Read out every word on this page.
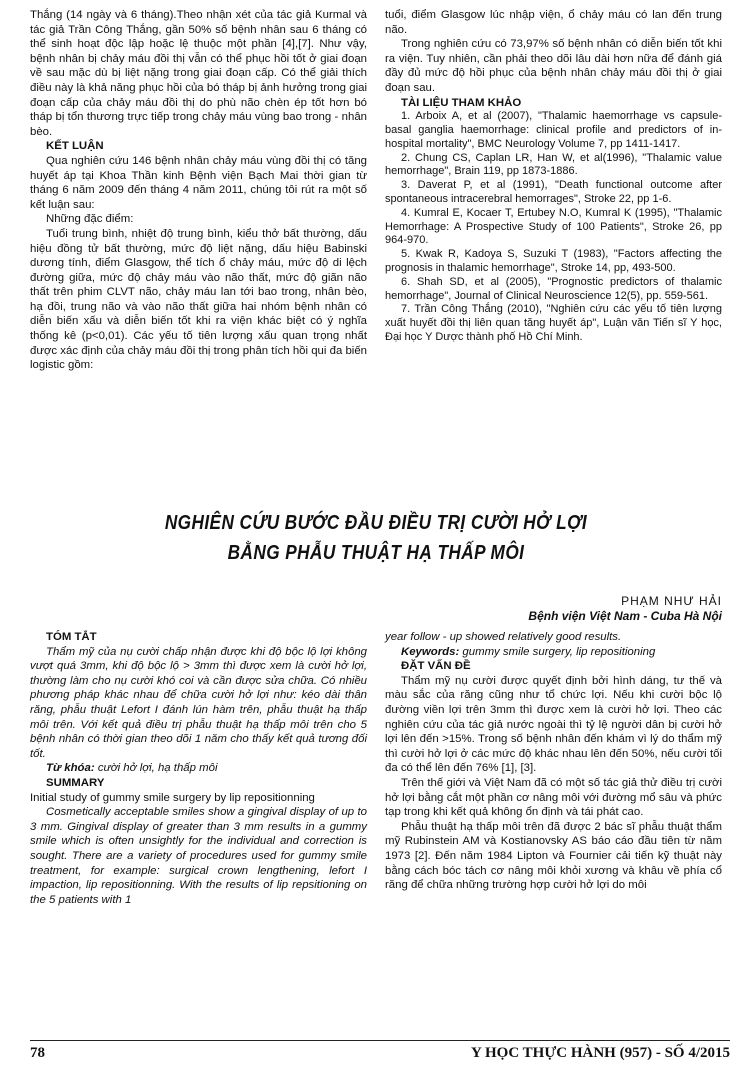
Thắng (14 ngày và 6 tháng).Theo nhận xét của tác giả Kurmal và tác giả Trần Công Thắng, gần 50% số bệnh nhân sau 6 tháng có thể sinh hoạt độc lập hoặc lệ thuộc một phần [4],[7]. Như vậy, bệnh nhân bị chảy máu đồi thị vẫn có thể phục hồi tốt ở giai đoạn về sau mặc dù bị liệt nặng trong giai đoạn cấp. Có thể giải thích điều này là khả năng phục hồi của bó tháp bị ảnh hưởng trong giai đoạn cấp của chảy máu đồi thị do phù não chèn ép tốt hơn bó tháp bị tổn thương trực tiếp trong chảy máu vùng bao trong - nhân bèo.

KẾT LUẬN

Qua nghiên cứu 146 bệnh nhân chảy máu vùng đồi thị có tăng huyết áp tại Khoa Thần kinh Bệnh viện Bạch Mai thời gian từ tháng 6 năm 2009 đến tháng 4 năm 2011, chúng tôi rút ra một số kết luận sau:

Những đặc điểm:

Tuổi trung bình, nhiệt độ trung bình, kiểu thở bất thường, dấu hiệu đồng tử bất thường, mức độ liệt nặng, dấu hiệu Babinski dương tính, điểm Glasgow, thể tích ổ chảy máu, mức độ di lệch đường giữa, mức độ chảy máu vào não thất, mức độ giãn não thất trên phim CLVT não, chảy máu lan tới bao trong, nhân bèo, hạ đồi, trung não và vào não thất giữa hai nhóm bệnh nhân có diễn biến xấu và diễn biến tốt khi ra viện khác biệt có ý nghĩa thống kê (p<0,01). Các yếu tố tiên lượng xấu quan trọng nhất được xác định của chảy máu đồi thị trong phân tích hồi qui đa biến logistic gồm:

tuổi, điểm Glasgow lúc nhập viện, ổ chảy máu có lan đến trung não.

Trong nghiên cứu có 73,97% số bệnh nhân có diễn biến tốt khi ra viện. Tuy nhiên, cần phải theo dõi lâu dài hơn nữa để đánh giá đầy đủ mức độ hồi phục của bệnh nhân chảy máu đồi thị ở giai đoạn sau.

TÀI LIỆU THAM KHẢO

1. Arboix A, et al (2007), "Thalamic haemorrhage vs capsule-basal ganglia haemorrhage: clinical profile and predictors of in-hospital mortality", BMC Neurology Volume 7, pp 1411-1417.

2. Chung CS, Caplan LR, Han W, et al(1996), "Thalamic value hemorrhage", Brain 119, pp 1873-1886.

3. Daverat P, et al (1991), "Death functional outcome after spontaneous intracerebral hemorrages", Stroke 22, pp 1-6.

4. Kumral E, Kocaer T, Ertubey N.O, Kumral K (1995), "Thalamic Hemorrhage: A Prospective Study of 100 Patients", Stroke 26, pp 964-970.

5. Kwak R, Kadoya S, Suzuki T (1983), "Factors affecting the prognosis in thalamic hemorrhage", Stroke 14, pp, 493-500.

6. Shah SD, et al (2005), "Prognostic predictors of thalamic hemorrhage", Journal of Clinical Neuroscience 12(5), pp. 559-561.

7. Trần Công Thắng (2010), "Nghiên cứu các yếu tố tiên lượng xuất huyết đồi thị liên quan tăng huyết áp", Luận văn Tiến sĩ Y học, Đại học Y Dược thành phố Hồ Chí Minh.

NGHIÊN CỨU BƯỚC ĐẦU ĐIỀU TRỊ CƯỜI HỞ LỢI
BẰNG PHẪU THUẬT HẠ THẤP MÔI
PHẠM NHƯ HẢI
Bệnh viện Việt Nam - Cuba Hà Nội

TÓM TẮT

Thẩm mỹ của nụ cười chấp nhận được khi độ bộc lộ lợi không vượt quá 3mm, khi độ bộc lộ > 3mm thì được xem là cười hở lợi, thường làm cho nụ cười khó coi và cần được sửa chữa. Có nhiều phương pháp khác nhau để chữa cười hở lợi như: kéo dài thân răng, phẫu thuật Lefort I đánh lún hàm trên, phẫu thuật hạ thấp môi trên. Với kết quả điều trị phẫu thuật hạ thấp môi trên cho 5 bệnh nhân có thời gian theo dõi 1 năm cho thấy kết quả tương đối tốt.

Từ khóa: cười hở lợi, hạ thấp môi

SUMMARY

Initial study of gummy smile surgery by lip repositionning

Cosmetically acceptable smiles show a gingival display of up to 3 mm. Gingival display of greater than 3 mm results in a gummy smile which is often unsightly for the individual and correction is sought. There are a variety of procedures used for gummy smile treatment, for example: surgical crown lengthening, lefort I impaction, lip repositionning. With the results of lip repsitioning on the 5 patients with 1

year follow - up showed relatively good results.

Keywords: gummy smile surgery, lip repositioning

ĐẶT VẤN ĐỀ

Thẩm mỹ nụ cười được quyết định bởi hình dáng, tư thế và màu sắc của răng cũng như tổ chức lợi. Nếu khi cười bộc lộ đường viền lợi trên 3mm thì được xem là cười hở lợi. Theo các nghiên cứu của tác giả nước ngoài thì tỷ lệ người dân bị cười hở lợi lên đến >15%. Trong số bệnh nhân đến khám vì lý do thẩm mỹ thì cười hở lợi ở các mức độ khác nhau lên đến 50%, nếu cười tối đa có thể lên đến 76% [1], [3].

Trên thế giới và Việt Nam đã có một số tác giả thử điều trị cười hở lợi bằng cắt một phần cơ nâng môi với đường mổ sâu và phức tạp trong khi kết quả không ổn định và tái phát cao.

Phẫu thuật hạ thấp môi trên đã được 2 bác sĩ phẫu thuật thẩm mỹ Rubinstein AM và Kostianovsky AS báo cáo đầu tiên từ năm 1973 [2]. Đến năm 1984 Lipton và Fournier cải tiến kỹ thuật này bằng cách bóc tách cơ nâng môi khỏi xương và khâu về phía cổ răng để chữa những trường hợp cười hở lợi do môi

78	Y HỌC THỰC HÀNH (957) - SỐ 4/2015
